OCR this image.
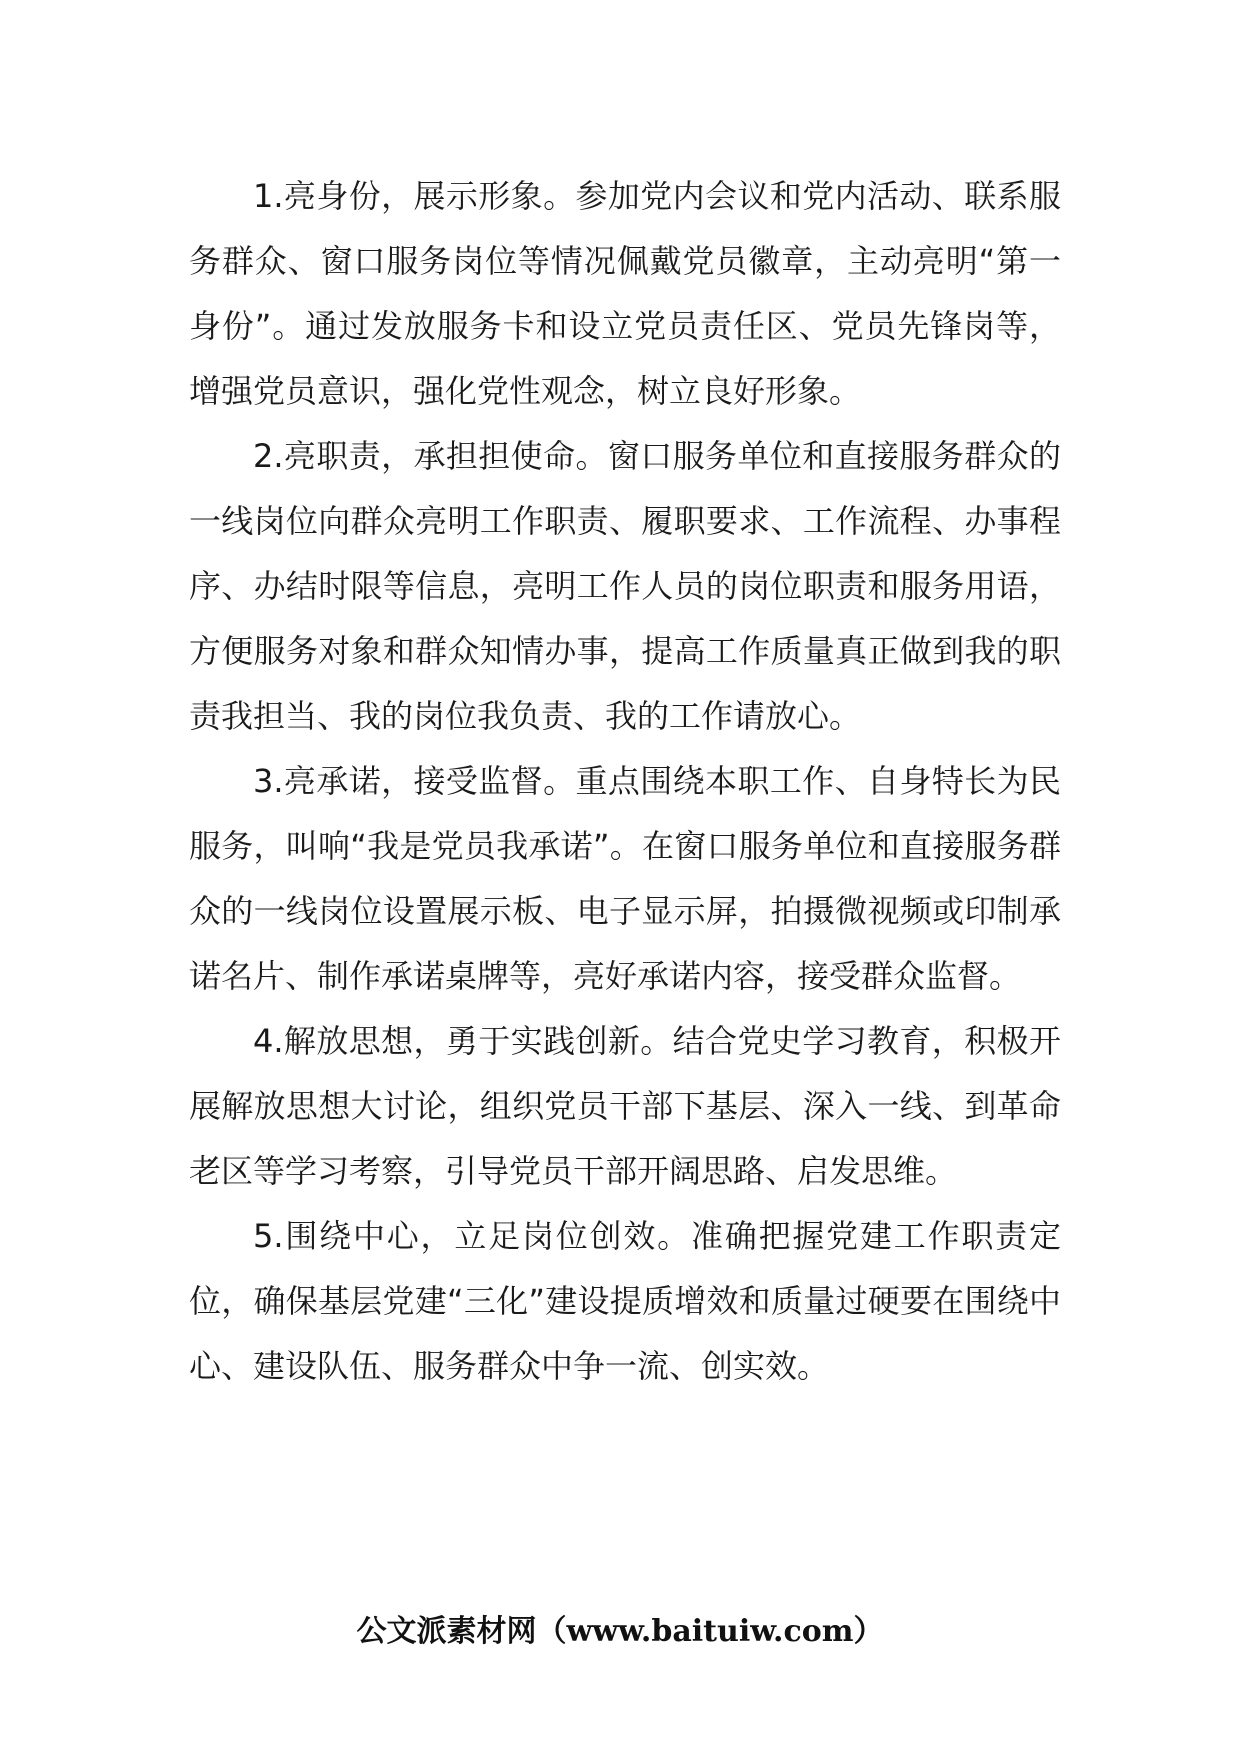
1.亮身份，展示形象。参加党内会议和党内活动、联系服务群众、窗口服务岗位等情况佩戴党员徽章，主动亮明“第一身份”。通过发放服务卡和设立党员责任区、党员先锋岗等，增强党员意识，强化党性观念，树立良好形象。

2.亮职责，承担担使命。窗口服务单位和直接服务群众的一线岗位向群众亮明工作职责、履职要求、工作流程、办事程序、办结时限等信息，亮明工作人员的岗位职责和服务用语，方便服务对象和群众知情办事，提高工作质量真正做到我的职责我担当、我的岗位我负责、我的工作请放心。

3.亮承诺，接受监督。重点围绕本职工作、自身特长为民服务，叫响“我是党员我承诺”。在窗口服务单位和直接服务群众的一线岗位设置展示板、电子显示屏，拍摄微视频或印制承诺名片、制作承诺桌牌等，亮好承诺内容，接受群众监督。

4.解放思想，勇于实践创新。结合党史学习教育，积极开展解放思想大讨论，组织党员干部下基层、深入一线、到革命老区等学习考察，引导党员干部开阔思路、启发思维。

5.围绕中心，立足岗位创效。准确把握党建工作职责定位，确保基层党建“三化”建设提质增效和质量过硬要在围绕中心、建设队伍、服务群众中争一流、创实效。

公文派素材网（www.baituiw.com）
